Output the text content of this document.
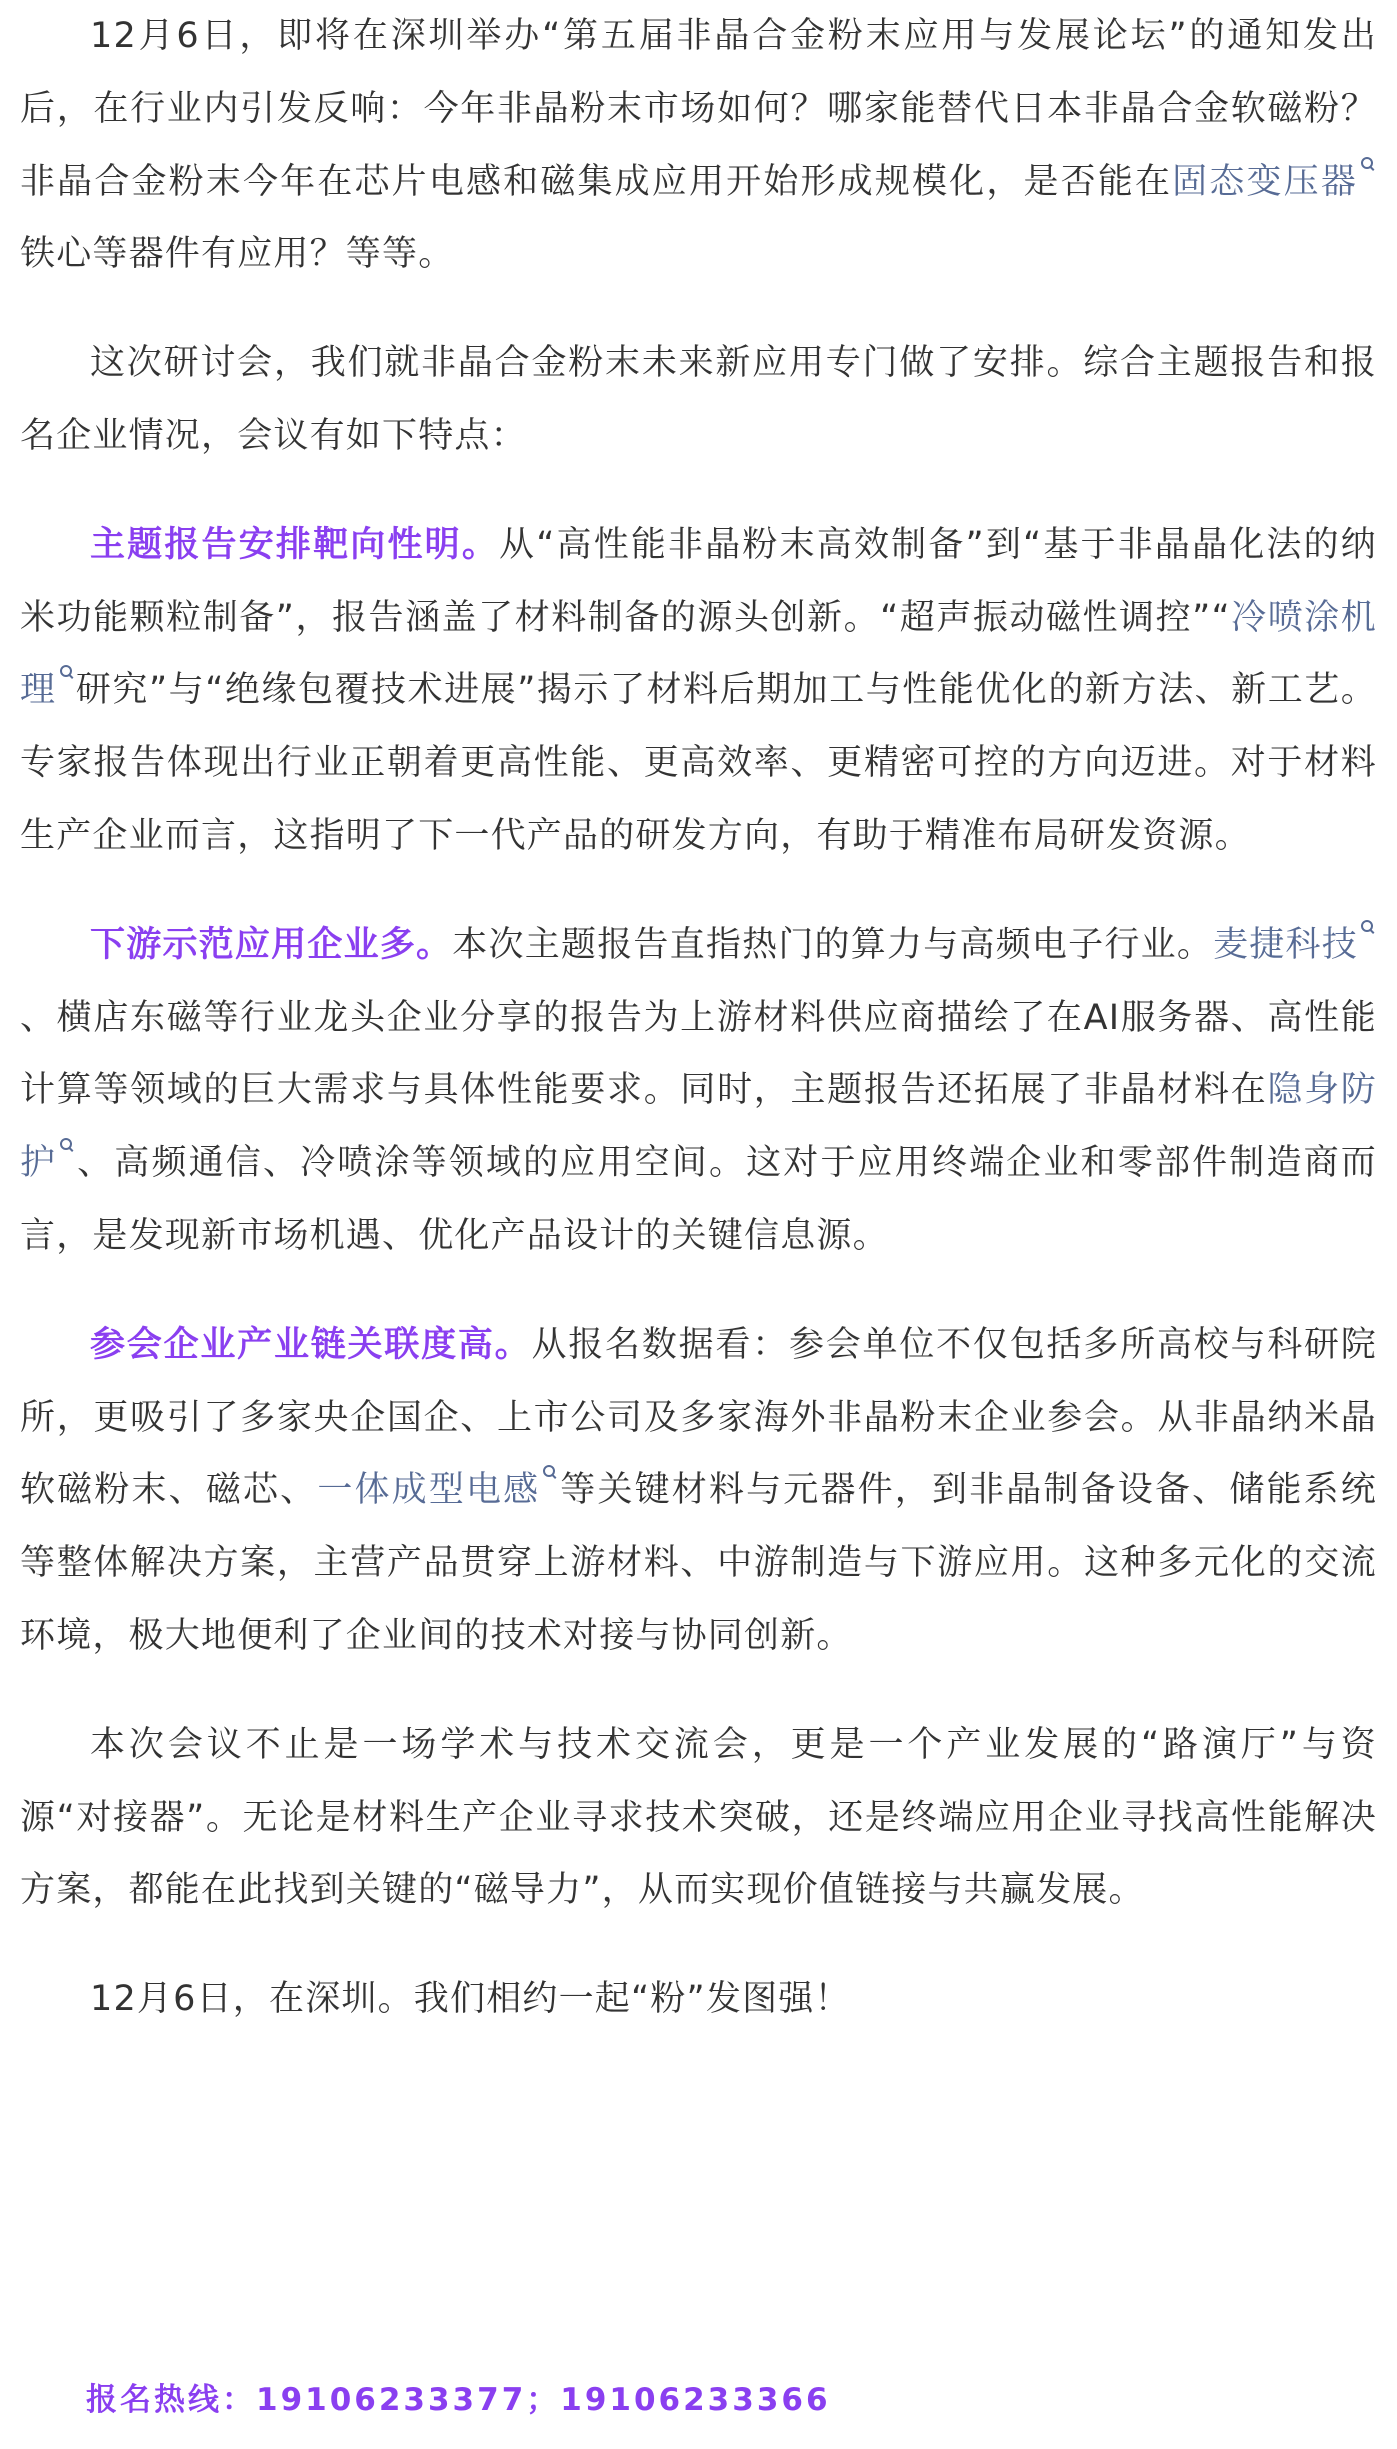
12月6日，即将在深圳举办“第五届非晶合金粉末应用与发展论坛”的通知发出后，在行业内引发反响：今年非晶粉末市场如何？哪家能替代日本非晶合金软磁粉？非晶合金粉末今年在芯片电感和磁集成应用开始形成规模化，是否能在固态变压器铁心等器件有应用？等等。

这次研讨会，我们就非晶合金粉末未来新应用专门做了安排。综合主题报告和报名企业情况，会议有如下特点：

主题报告安排靶向性明。从“高性能非晶粉末高效制备”到“基于非晶晶化法的纳米功能颗粒制备”，报告涵盖了材料制备的源头创新。“超声振动磁性调控”“冷喷涂机理 研究”与“绝缘包覆技术进展”揭示了材料后期加工与性能优化的新方法、新工艺。专家报告体现出行业正朝着更高性能、更高效率、更精密可控的方向迈进。对于材料生产企业而言，这指明了下一代产品的研发方向，有助于精准布局研发资源。

下游示范应用企业多。本次主题报告直指热门的算力与高频电子行业。麦捷科技、横店东磁等行业龙头企业分享的报告为上游材料供应商描绘了在AI服务器、高性能计算等领域的巨大需求与具体性能要求。同时，主题报告还拓展了非晶材料在隐身防护 、高频通信、冷喷涂等领域的应用空间。这对于应用终端企业和零部件制造商而言，是发现新市场机遇、优化产品设计的关键信息源。

参会企业产业链关联度高。从报名数据看：参会单位不仅包括多所高校与科研院所，更吸引了多家央企国企、上市公司及多家海外非晶粉末企业参会。从非晶纳米晶软磁粉末、磁芯、一体成型电感 等关键材料与元器件，到非晶制备设备、储能系统等整体解决方案，主营产品贯穿上游材料、中游制造与下游应用。这种多元化的交流环境，极大地便利了企业间的技术对接与协同创新。

本次会议不止是一场学术与技术交流会，更是一个产业发展的“路演厅”与资源“对接器”。无论是材料生产企业寻求技术突破，还是终端应用企业寻找高性能解决方案，都能在此找到关键的“磁导力”，从而实现价值链接与共赢发展。

12月6日，在深圳。我们相约一起“粉”发图强！

报名热线：19106233377；19106233366
